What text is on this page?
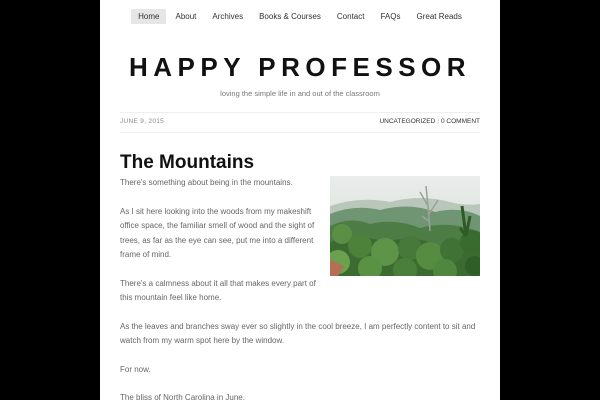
Home	About	Archives	Books & Courses	Contact	FAQs	Great Reads
HAPPY PROFESSOR
loving the simple life in and out of the classroom
JUNE 9, 2015	UNCATEGORIZED | 0 COMMENT
The Mountains

There's something about being in the mountains.

As I sit here looking into the woods from my makeshift office space, the familiar smell of wood and the sight of trees, as far as the eye can see, put me into a different frame of mind.

There's a calmness about it all that makes every part of this mountain feel like home.

As the leaves and branches sway ever so slightly in the cool breeze, I am perfectly content to sit and watch from my warm spot here by the window.

For now.

The bliss of North Carolina in June.
